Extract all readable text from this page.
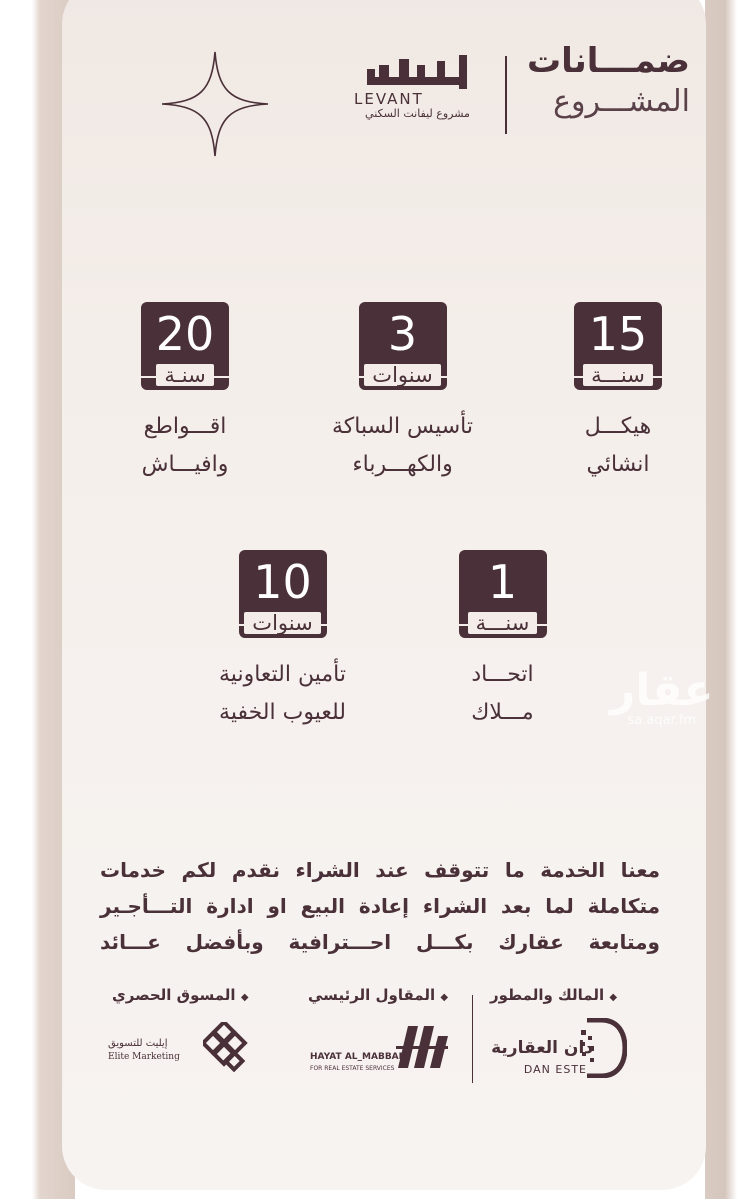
ضمـــانات
المشـــروع
LEVANT
مشروع ليفانت السكني
15
سنـــة
هيكـــل
انشائي
3
سنوات
تأسيس السباكة
والكهـــرباء
20
سنـة
اقـــواطع
وافيـــاش
1
سنـــة
اتحـــاد
مـــلاك
10
سنوات
تأمين التعاونية
للعيوب الخفية	عقار
sa.aqar.fm
معنا الخدمة ما تتوقف عند الشراء نقدم لكم خدمات
متكاملة لما بعد الشراء إعادة البيع او ادارة التـــأجـير
ومتابعة عقارك بكـــل احـــترافية وبأفضل عـــائد
◆ المالك والمطور
◆ المقاول الرئيسي
◆ المسوق الحصري
دان العقارية
DAN ESTE
HAYAT AL_MABBANI
FOR REAL ESTATE SERVICES
إيليت للتسويق
Elite Marketing
